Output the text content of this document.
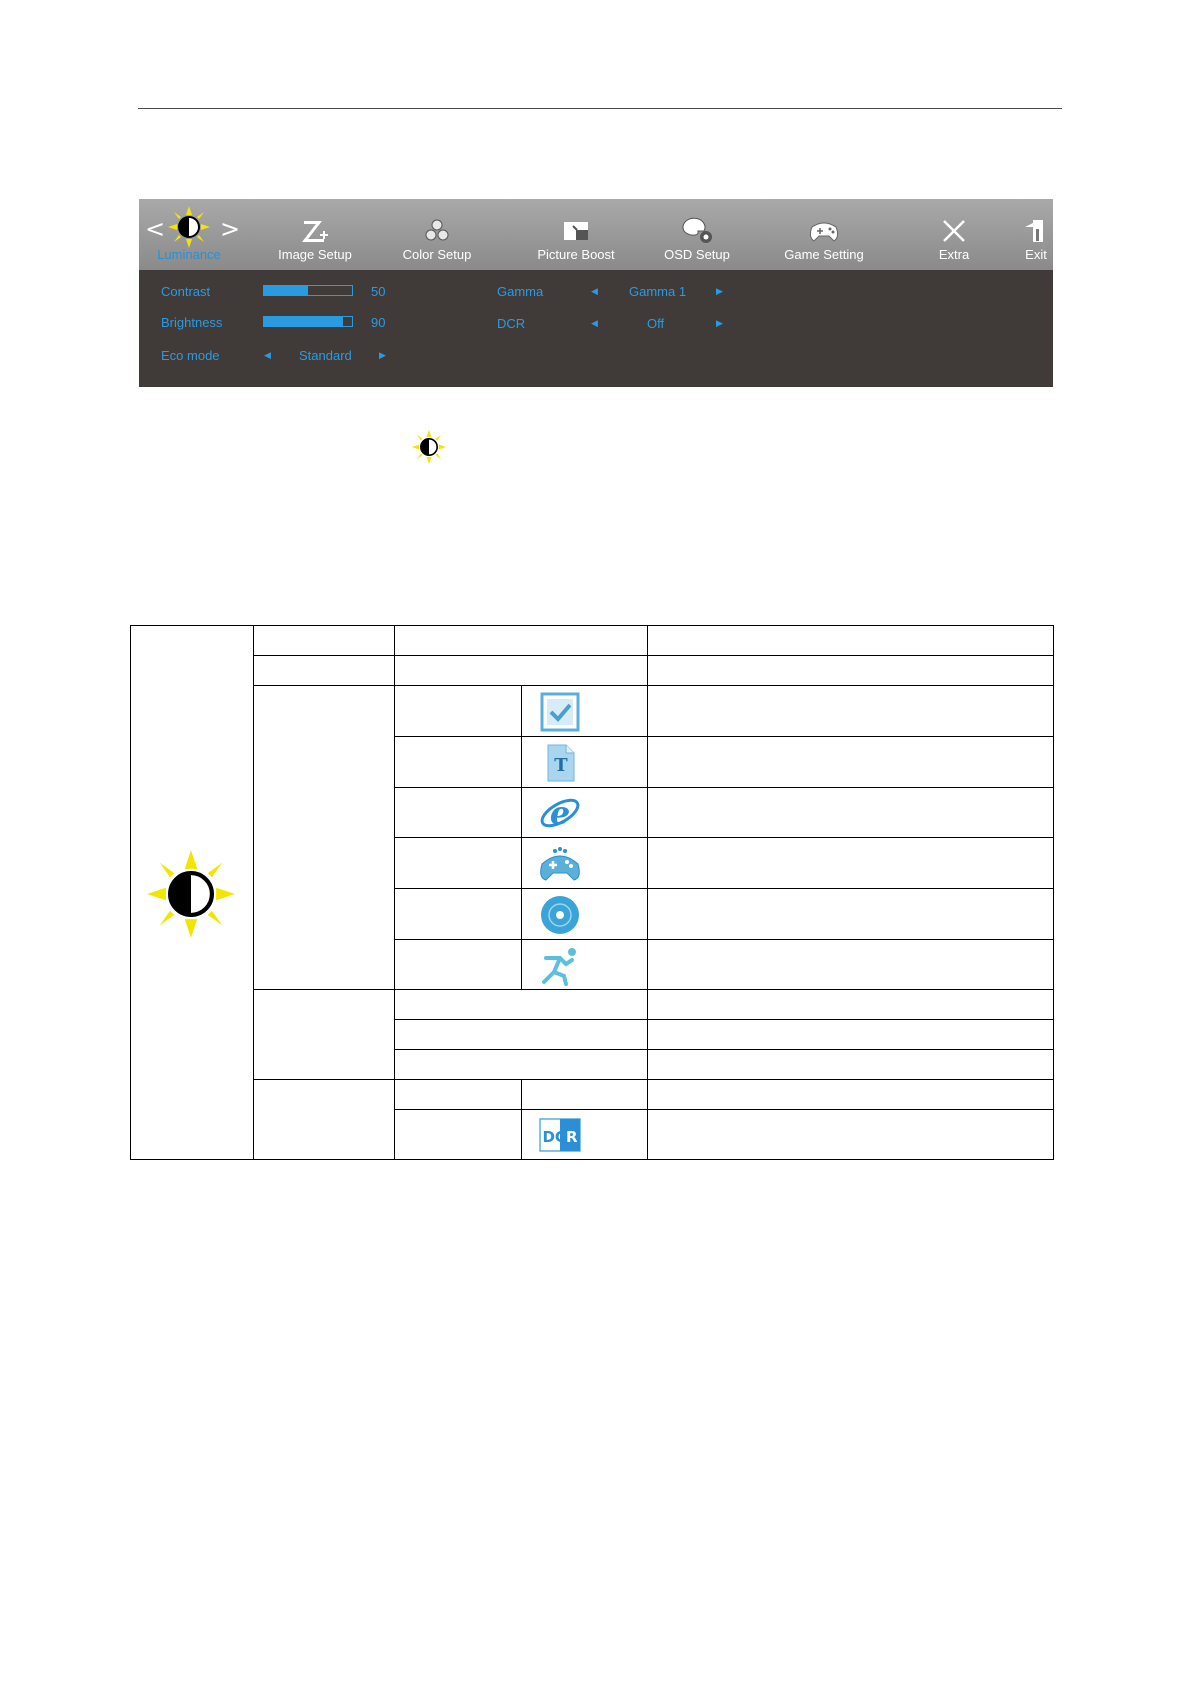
< >
Luminance	Image Setup	Color Setup	Picture Boost	OSD Setup	Game Setting	Extra	Exit
Contrast	50
Brightness	90
Eco mode	◀ Standard	▶
Gamma	◀ Gamma 1	▶
DCR	◀	Off	▶
T
e
DCR
